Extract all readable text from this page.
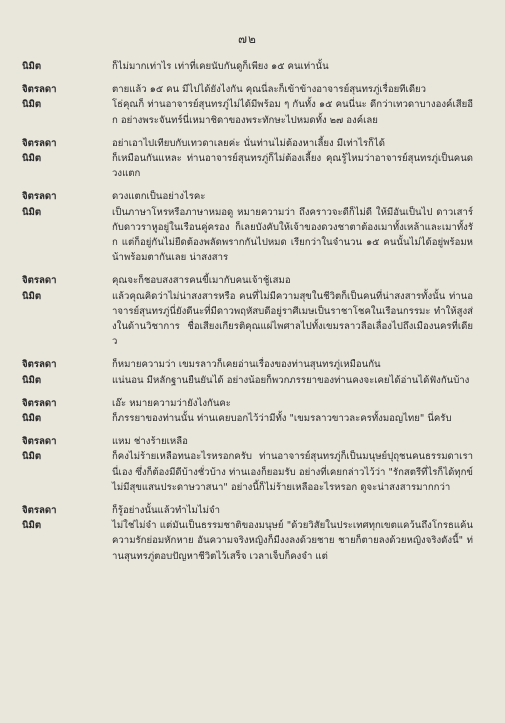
๗๒
นิมิต	ก็ไม่มากเท่าไร เท่าที่เคยนับกันดูก็เพียง ๑๕ คนเท่านั้น
จิตรลดา	ตายแล้ว ๑๕ คน มีไปได้ยังไงกัน คุณนี่ละก็เข้าข้างอาจารย์สุนทรภู่เรื่อยทีเดียว
นิมิต	โธ่คุณก็ ท่านอาจารย์สุนทรภู่ไม่ได้มีพร้อม ๆ กันทั้ง ๑๕ คนนี่นะ ดีกว่าเทวดาบางองค์เสียอีก อย่างพระจันทร์นี่เหมาชิดาของพระทักษะไปหมดทั้ง ๒๗ องค์เลย
จิตรลดา	อย่าเอาไปเทียบกับเทวดาเลยค่ะ นั่นท่านไม่ต้องหาเลี้ยง มีเท่าไรก็ได้
นิมิต	ก็เหมือนกันแหละ ท่านอาจารย์สุนทรภู่ก็ไม่ต้องเลี้ยง คุณรู้ไหมว่าอาจารย์สุนทรภู่เป็นคนดวงแตก
จิตรลดา	ดวงแตกเป็นอย่างไรคะ
นิมิต	เป็นภาษาโหรหรือภาษาหมอดู หมายความว่า ถึงคราวจะดีก็ไม่ดี ให้มีอันเป็นไป ดาวเสาร์กับดาวราหูอยู่ในเรือนคู่ครอง ก็เลยบังคับให้เจ้าของดวงชาตาต้องเมาทั้งเหล้าและเมาทั้งรัก แต่ก็อยู่กันไม่ยืดต้องพลัดพรากกันไปหมด เรียกว่าในจำนวน ๑๕ คนนั้นไม่ได้อยู่พร้อมหน้าพร้อมตากันเลย น่าสงสาร
จิตรลดา	คุณจะก็ชอบสงสารคนขี้เมากับคนเจ้าชู้เสมอ
นิมิต	แล้วคุณคิดว่าไม่น่าสงสารหรือ คนที่ไม่มีความสุขในชีวิตก็เป็นคนที่น่าสงสารทั้งนั้น ท่านอาจารย์สุนทรภู่นี่ยังดีนะที่มีดาวพฤหัสบดีอยู่ราศีเมษเป็นราชาโชคในเรือนกรรมะ ทำให้สูงส่งในด้านวิชาการ ชื่อเสียงเกียรติคุณแผ่ไพศาลไปทั้งเขมรลาวลือเลื่องไปถึงเมืองนครที่เดียว
จิตรลดา	ก็หมายความว่า เขมรลาวก็เคยอ่านเรื่องของท่านสุนทรภู่เหมือนกัน
นิมิต	แน่นอน มีหลักฐานยืนยันได้ อย่างน้อยก็พวกภรรยาของท่านคงจะเคยได้อ่านได้ฟังกันบ้าง
จิตรลดา	เอ๊ะ หมายความว่ายังไงกันคะ
นิมิต	ก็ภรรยาของท่านนั้น ท่านเคยบอกไว้ว่ามีทั้ง "เขมรลาวขาวละครทั้งมอญไทย" นี่ครับ
จิตรลดา	แหม ช่างร้ายเหลือ
นิมิต	ก็คงไม่ร้ายเหลือทนอะไรหรอกครับ ท่านอาจารย์สุนทรภู่ก็เป็นมนุษย์ปุถุชนคนธรรมดาเรานี่เอง ซึ่งก็ต้องมีดีบ้างชั่วบ้าง ท่านเองก็ยอมรับ อย่างที่เคยกล่าวไว้ว่า "รักสตรีที่ไรก็ได้ทุกข์ ไม่มีสุขแสนประดาษวาสนา" อย่างนี้ก็ไม่ร้ายเหลืออะไรหรอก ดูจะน่าสงสารมากกว่า
จิตรลดา	ก็รู้อย่างนั้นแล้วทำไมไม่จำ
นิมิต	ไม่ใช่ไม่จำ แต่มันเป็นธรรมชาติของมนุษย์ "ด้วยวิสัยในประเทศทุกเขตแคว้นถึงโกรธแค้นความรักย่อมหักหาย อันความจริงหญิงก็มีงงลงด้วยชาย ชายก็ตายลงด้วยหญิงจริงดังนี้" ท่านสุนทรภู่ตอบปัญหาชีวิตไว้เสร็จ เวลาเจ็บก็คงจำ แต่
